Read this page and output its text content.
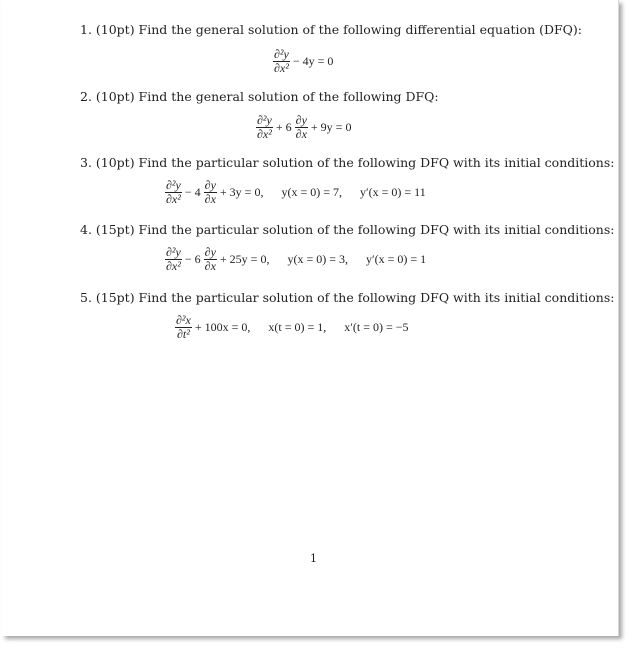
1. (10pt) Find the general solution of the following differential equation (DFQ):
$\frac{\text{∂²y}}{\text{∂x²}} - 4y = 0$
2. (10pt) Find the general solution of the following DFQ:
$\frac{\text{∂²y}}{\text{∂x²}} + 6 \frac{\partial y}{\partial x} + 9y = 0$
3. (10pt) Find the particular solution of the following DFQ with its initial conditions:
$\frac{\text{∂²y}}{\text{∂x²}} - 4 \frac{\partial y}{\partial x} + 3y = 0$, y(x = 0) = 7, y′(x = 0) = 11
4. (15pt) Find the particular solution of the following DFQ with its initial conditions:
$\frac{\text{∂²y}}{\text{∂x²}} - 6 \frac{\partial y}{\partial x} + 25y = 0$, y(x = 0) = 3, y′(x = 0) = 1
5. (15pt) Find the particular solution of the following DFQ with its initial conditions:
$\frac{\text{∂²x}}{\text{∂t²}} + 100x = 0$, x(t = 0) = 1, x′(t = 0) = −5
1
